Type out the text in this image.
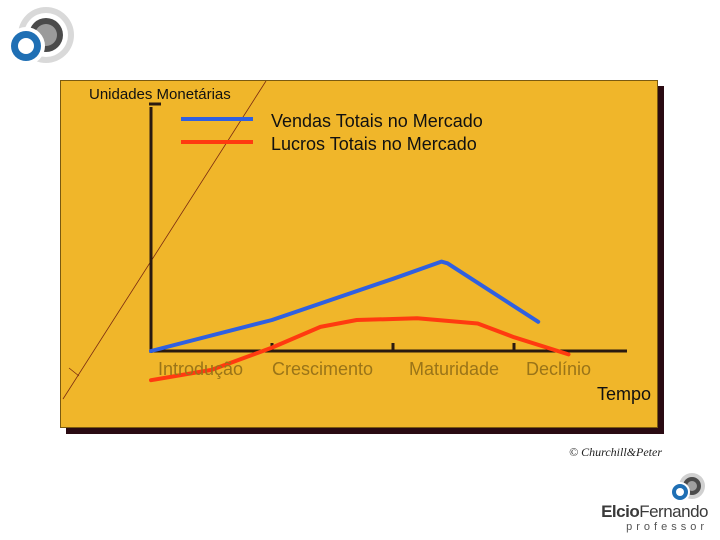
Unidades Monetárias
Vendas Totais no Mercado
Lucros Totais no Mercado
Introdução Crescimento Maturidade Declínio
Tempo
© Churchill&Peter
ElcioFernando
professor
